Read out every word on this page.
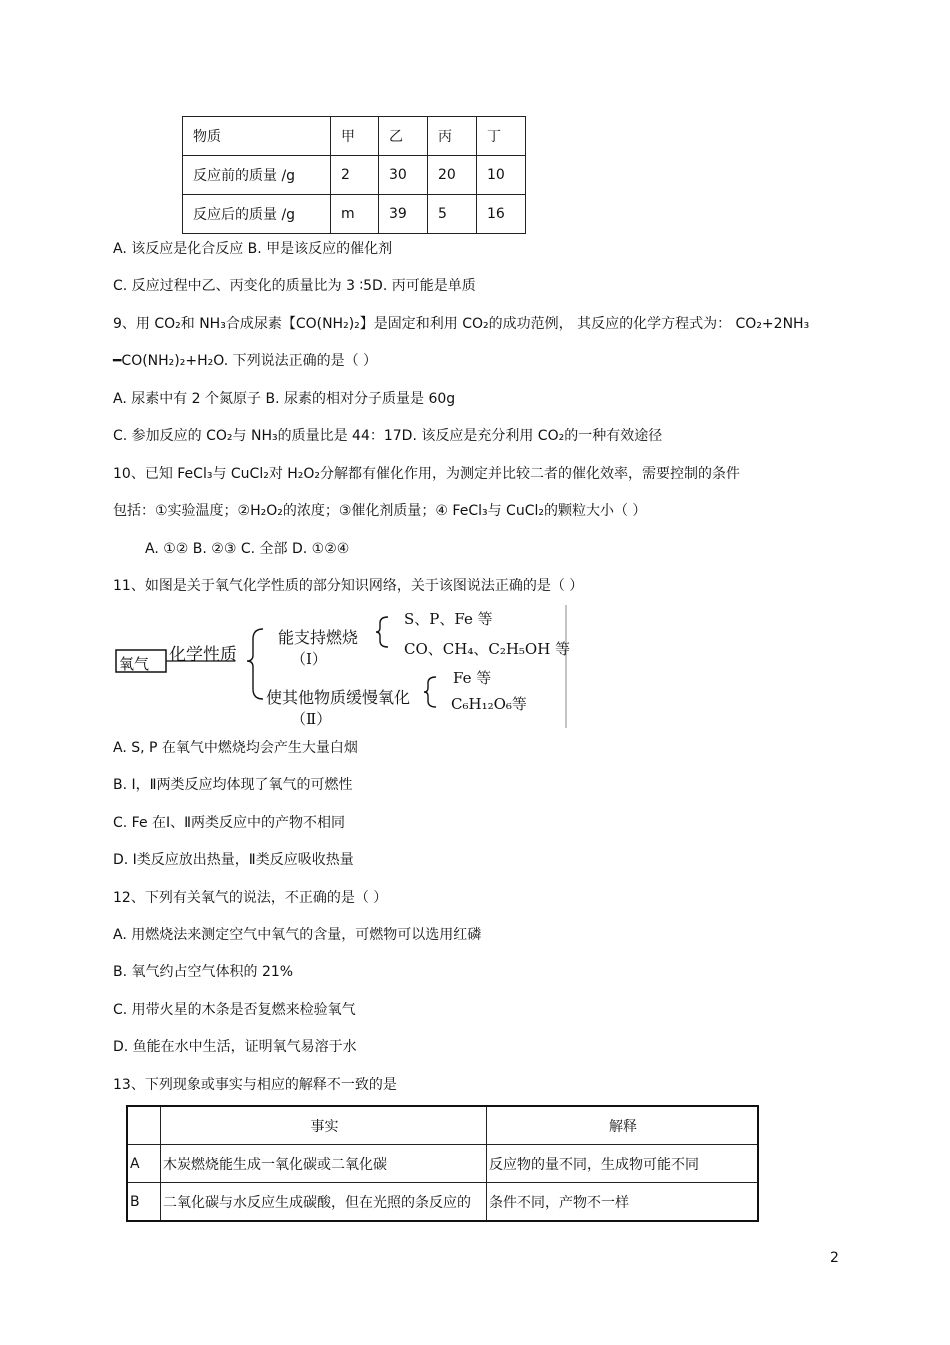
物质	甲	乙	丙	丁
反应前的质量 /g	2	30	20	10
反应后的质量 /g	m	39	5	16
A. 该反应是化合反应 B. 甲是该反应的催化剂
C. 反应过程中乙、丙变化的质量比为 3 ∶5D. 丙可能是单质
9、用 CO₂和 NH₃合成尿素【CO(NH₂)₂】是固定和利用 CO₂的成功范例， 其反应的化学方程式为： CO₂+2NH₃
━CO(NH₂)₂+H₂O. 下列说法正确的是（ ）
A. 尿素中有 2 个氮原子 B. 尿素的相对分子质量是 60g
C. 参加反应的 CO₂与 NH₃的质量比是 44：17D. 该反应是充分利用 CO₂的一种有效途径
10、已知 FeCl₃与 CuCl₂对 H₂O₂分解都有催化作用，为测定并比较二者的催化效率，需要控制的条件
包括：①实验温度；②H₂O₂的浓度；③催化剂质量；④ FeCl₃与 CuCl₂的颗粒大小（ ）
A. ①② B. ②③ C. 全部 D. ①②④
11、如图是关于氧气化学性质的部分知识网络，关于该图说法正确的是（ ）
氧气 化学性质
能支持燃烧
（Ⅰ）
S、P、Fe 等
CO、CH₄、C₂H₅OH 等
使其他物质缓慢氧化
（Ⅱ）
Fe 等
C₆H₁₂O₆等
A. S, P 在氧气中燃烧均会产生大量白烟
B. Ⅰ，Ⅱ两类反应均体现了氧气的可燃性
C. Fe 在Ⅰ、Ⅱ两类反应中的产物不相同
D. Ⅰ类反应放出热量，Ⅱ类反应吸收热量
12、下列有关氧气的说法，不正确的是（ ）
A. 用燃烧法来测定空气中氧气的含量，可燃物可以选用红磷
B. 氧气约占空气体积的 21%
C. 用带火星的木条是否复燃来检验氧气
D. 鱼能在水中生活，证明氧气易溶于水
13、下列现象或事实与相应的解释不一致的是
	事实	解释
A	木炭燃烧能生成一氧化碳或二氧化碳	反应物的量不同，生成物可能不同
B	二氧化碳与水反应生成碳酸，但在光照的条反应的	条件不同，产物不一样
2
